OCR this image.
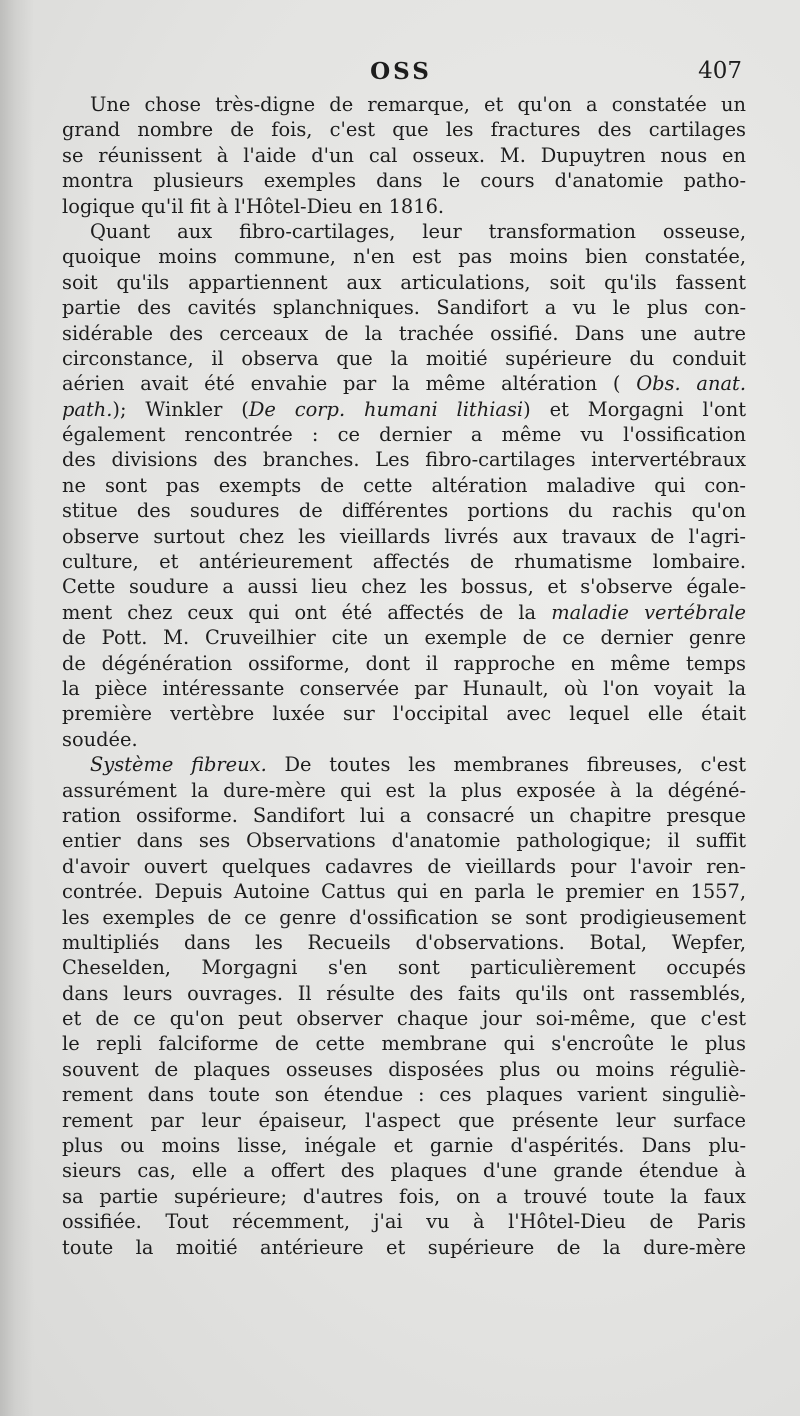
OSS	407
Une chose très-digne de remarque, et qu'on a constatée un
grand nombre de fois, c'est que les fractures des cartilages
se réunissent à l'aide d'un cal osseux. M. Dupuytren nous en
montra plusieurs exemples dans le cours d'anatomie patho-
logique qu'il fit à l'Hôtel-Dieu en 1816.
Quant aux fibro-cartilages, leur transformation osseuse,
quoique moins commune, n'en est pas moins bien constatée,
soit qu'ils appartiennent aux articulations, soit qu'ils fassent
partie des cavités splanchniques. Sandifort a vu le plus con-
sidérable des cerceaux de la trachée ossifié. Dans une autre
circonstance, il observa que la moitié supérieure du conduit
aérien avait été envahie par la même altération ( Obs. anat.
path.); Winkler (De corp. humani lithiasi) et Morgagni l'ont
également rencontrée : ce dernier a même vu l'ossification
des divisions des branches. Les fibro-cartilages intervertébraux
ne sont pas exempts de cette altération maladive qui con-
stitue des soudures de différentes portions du rachis qu'on
observe surtout chez les vieillards livrés aux travaux de l'agri-
culture, et antérieurement affectés de rhumatisme lombaire.
Cette soudure a aussi lieu chez les bossus, et s'observe égale-
ment chez ceux qui ont été affectés de la maladie vertébrale
de Pott. M. Cruveilhier cite un exemple de ce dernier genre
de dégénération ossiforme, dont il rapproche en même temps
la pièce intéressante conservée par Hunault, où l'on voyait la
première vertèbre luxée sur l'occipital avec lequel elle était
soudée.
Système fibreux. De toutes les membranes fibreuses, c'est
assurément la dure-mère qui est la plus exposée à la dégéné-
ration ossiforme. Sandifort lui a consacré un chapitre presque
entier dans ses Observations d'anatomie pathologique; il suffit
d'avoir ouvert quelques cadavres de vieillards pour l'avoir ren-
contrée. Depuis Autoine Cattus qui en parla le premier en 1557,
les exemples de ce genre d'ossification se sont prodigieusement
multipliés dans les Recueils d'observations. Botal, Wepfer,
Cheselden, Morgagni s'en sont particulièrement occupés
dans leurs ouvrages. Il résulte des faits qu'ils ont rassemblés,
et de ce qu'on peut observer chaque jour soi-même, que c'est
le repli falciforme de cette membrane qui s'encroûte le plus
souvent de plaques osseuses disposées plus ou moins réguliè-
rement dans toute son étendue : ces plaques varient singuliè-
rement par leur épaiseur, l'aspect que présente leur surface
plus ou moins lisse, inégale et garnie d'aspérités. Dans plu-
sieurs cas, elle a offert des plaques d'une grande étendue à
sa partie supérieure; d'autres fois, on a trouvé toute la faux
ossifiée. Tout récemment, j'ai vu à l'Hôtel-Dieu de Paris
toute la moitié antérieure et supérieure de la dure-mère
